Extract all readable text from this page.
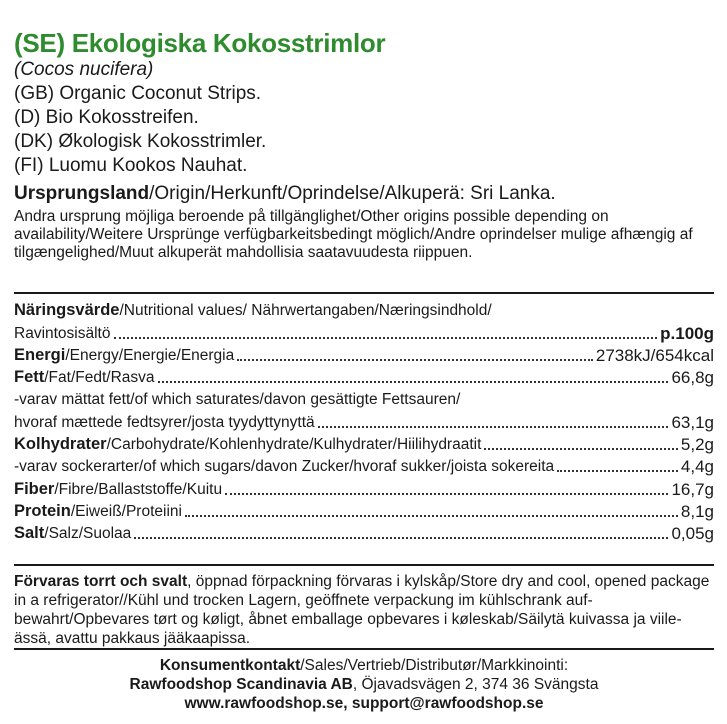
(SE) Ekologiska Kokosstrimlor

(Cocos nucifera)

(GB) Organic Coconut Strips.

(D) Bio Kokosstreifen.

(DK) Økologisk Kokosstrimler.

(FI) Luomu Kookos Nauhat.

Ursprungsland/Origin/Herkunft/Oprindelse/Alkuperä: Sri Lanka.
Andra ursprung möjliga beroende på tillgänglighet/Other origins possible depending on availability/Weitere Ursprünge verfügbarkeitsbedingt möglich/Andre oprindelser mulige afhængig af tilgængelighed/Muut alkuperät mahdollisia saatavuudesta riippuen.
Näringsvärde/Nutritional values/ Nährwertangaben/Næringsindhold/
Ravintosisältö	p.100g
Energi/Energy/Energie/Energia	2738kJ/654kcal
Fett/Fat/Fedt/Rasva	66,8g
-varav mättat fett/of which saturates/davon gesättigte Fettsauren/
hvoraf mættede fedtsyrer/josta tyydyttynyttä	63,1g
Kolhydrater/Carbohydrate/Kohlenhydrate/Kulhydrater/Hiilihydraatit	5,2g
-varav sockerarter/of which sugars/davon Zucker/hvoraf sukker/joista sokereita	4,4g
Fiber/Fibre/Ballaststoffe/Kuitu	16,7g
Protein/Eiweiß/Proteiini	8,1g
Salt/Salz/Suolaa	0,05g
Förvaras torrt och svalt, öppnad förpackning förvaras i kylskåp/Store dry and cool, opened package in a refrigerator//Kühl und trocken Lagern, geöffnete verpackung im kühlschrank auf-bewahrt/Opbevares tørt og køligt, åbnet emballage opbevares i køleskab/Säilytä kuivassa ja viile-ässä, avattu pakkaus jääkaapissa.
Konsumentkontakt/Sales/Vertrieb/Distributør/Markkinointi:
Rawfoodshop Scandinavia AB, Öjavadsvägen 2, 374 36 Svängsta
www.rawfoodshop.se, support@rawfoodshop.se
